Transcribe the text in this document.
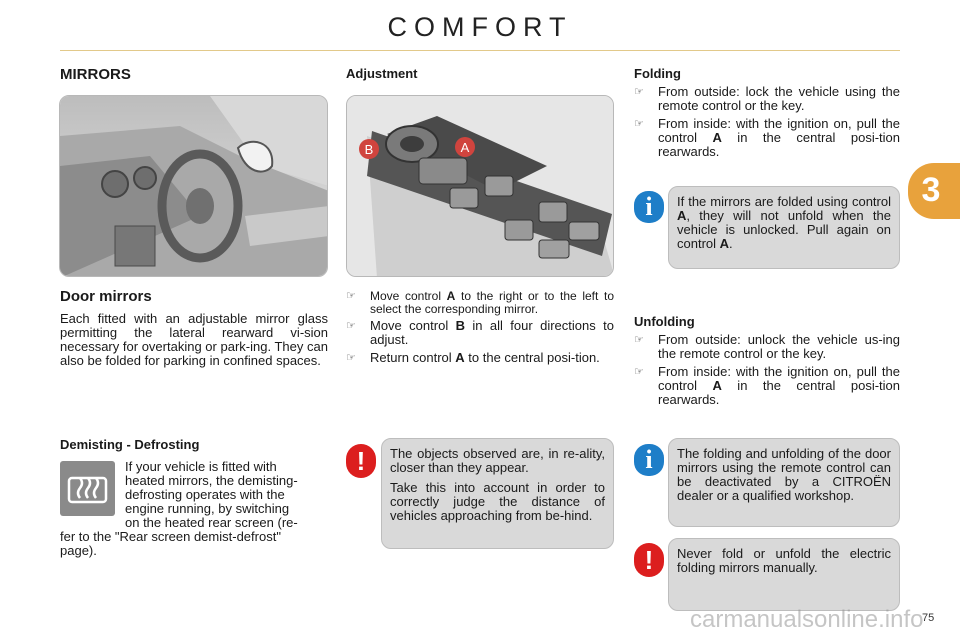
COMFORT
3
MIRRORS
Door mirrors
Each fitted with an adjustable mirror glass permitting the lateral rearward vi-sion necessary for overtaking or park-ing. They can also be folded for parking in confined spaces.
Demisting - Defrosting
If your vehicle is fitted with
heated mirrors, the demisting-
defrosting operates with the
engine running, by switching
on the heated rear screen (re-
fer to the "Rear screen demist-defrost"
page).
Adjustment
B	A
☞ Move control A to the right or to the left to select the corresponding mirror.
☞ Move control B in all four directions to adjust.
☞ Return control A to the central posi-tion.
!	The objects observed are, in re-ality, closer than they appear.

Take this into account in order to correctly judge the distance of vehicles approaching from be-hind.

Folding
☞ From outside: lock the vehicle using the remote control or the key.
☞ From inside: with the ignition on, pull the control A in the central posi-tion rearwards.
i	If the mirrors are folded using control A, they will not unfold when the vehicle is unlocked. Pull again on control A.
Unfolding
☞ From outside: unlock the vehicle us-ing the remote control or the key.
☞ From inside: with the ignition on, pull the control A in the central posi-tion rearwards.
i	The folding and unfolding of the door mirrors using the remote control can be deactivated by a CITROËN dealer or a qualified workshop.
!	Never fold or unfold the electric folding mirrors manually.
75
carmanualsonline.info
